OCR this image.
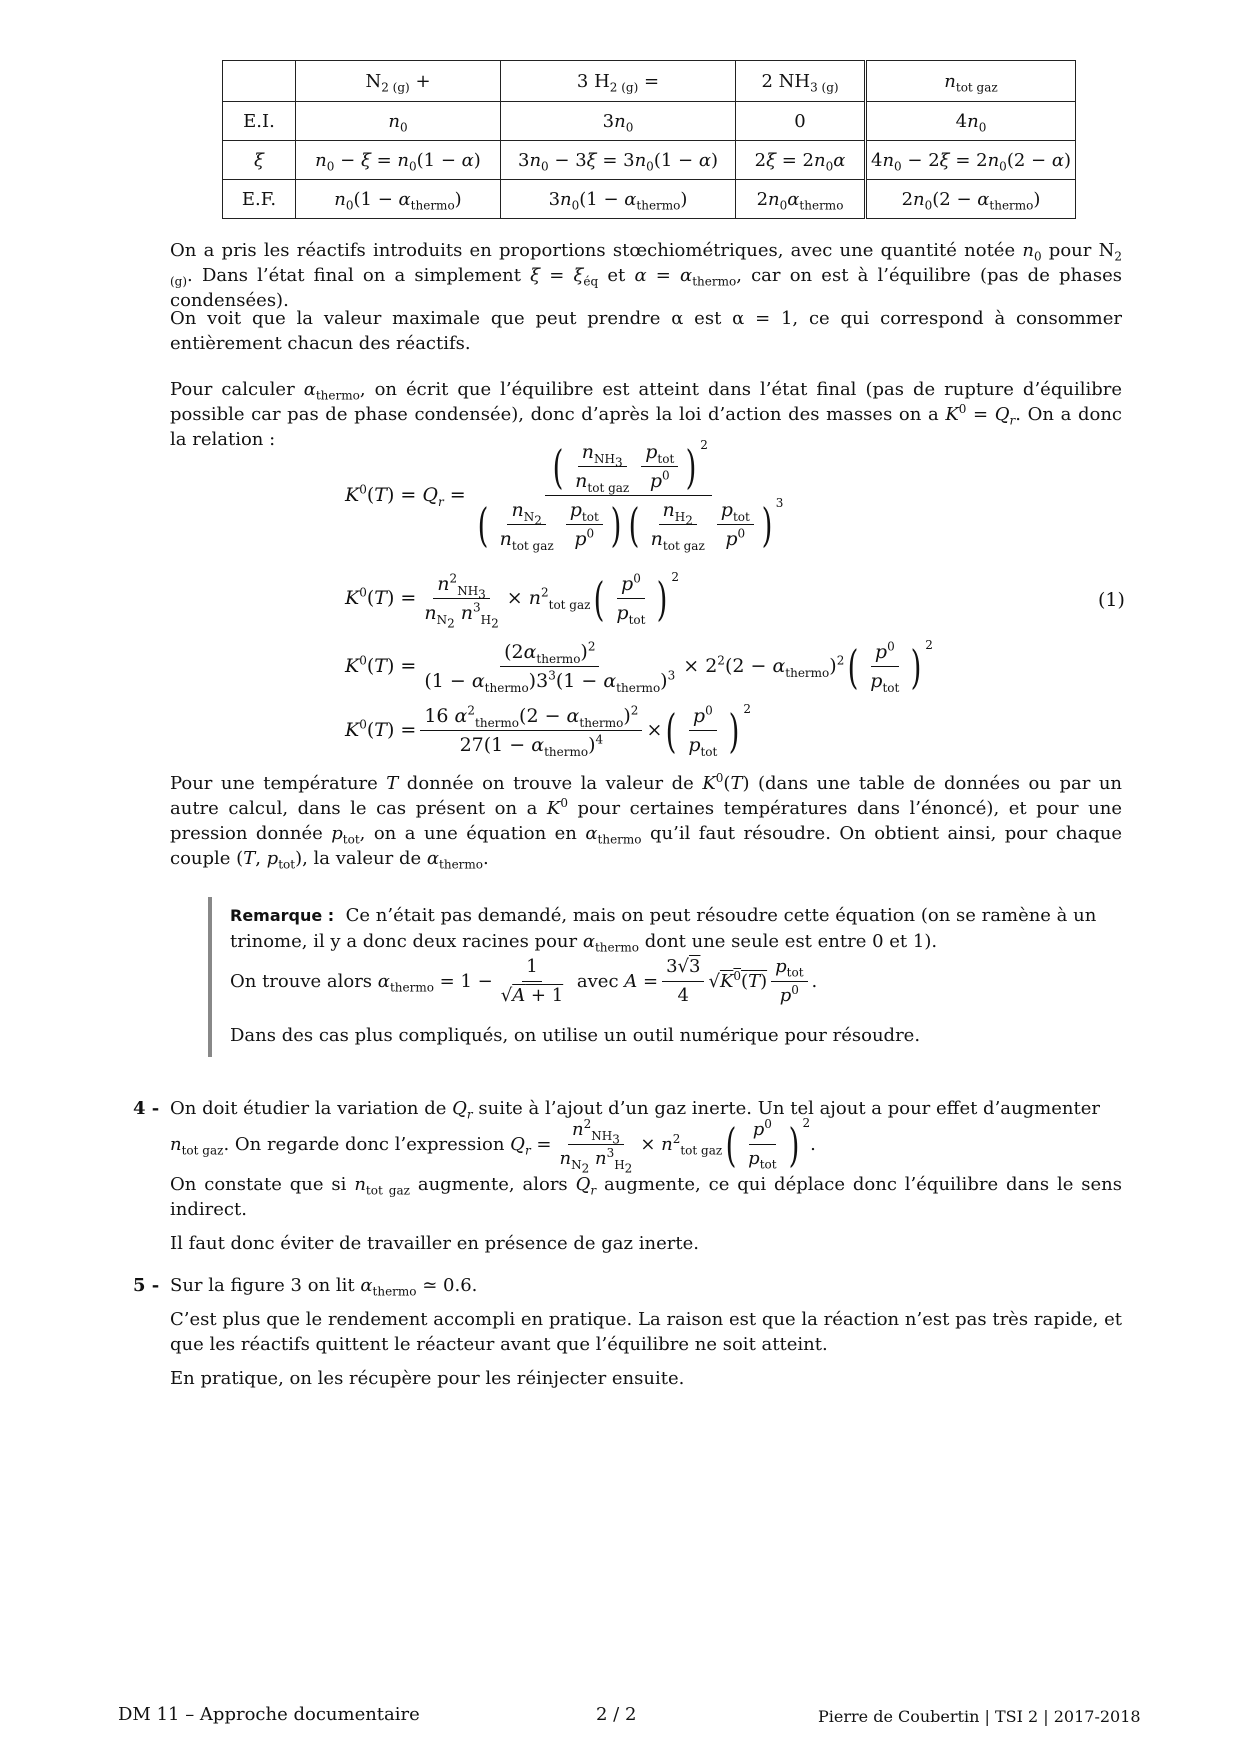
	$N_{2 (g)}$ +	3 $H_{2 (g)}$ =	2 $NH_{3 (g)}$	$n_{tot gaz}$
E.I.	$n_0$	$3n_0$	0	$4n_0$
ξ	$n_0 - \xi = n_0(1 - \alpha)$	$3n_0 - 3\xi = 3n_0(1 - \alpha)$	$2\xi = 2n_0\alpha$	$4n_0 - 2\xi = 2n_0(2 - \alpha)$
E.F.	$n_0(1 - \alpha_{thermo})$	$3n_0(1 - \alpha_{thermo})$	$2n_0\alpha_{thermo}$	$2n_0(2 - \alpha_{thermo})$
On a pris les réactifs introduits en proportions stœchiométriques, avec une quantité notée $n_0$ pour $N_{2 (g)}$. Dans l’état final on a simplement $\xi = \xi_{éq}$ et $\alpha = \alpha_{thermo}$, car on est à l’équilibre (pas de phases condensées).
On voit que la valeur maximale que peut prendre α est α = 1, ce qui correspond à consommer entièrement chacun des réactifs.
Pour calculer $\alpha_{thermo}$, on écrit que l’équilibre est atteint dans l’état final (pas de rupture d’équilibre possible car pas de phase condensée), donc d’après la loi d’action des masses on a $K^0 = Q_r$. On a donc la relation :
$K^0(T) = Q_r$ =
( $\frac{n_{NH_3}}{n_{tot gaz}} \frac{p_{tot}}{p^0}$ ) $^2$
( $\frac{n_{N_2}}{n_{tot gaz}} \frac{p_{tot}}{p^0}$ ) ( $\frac{n_{H_2}}{n_{tot gaz}} \frac{p_{tot}}{p^0}$ ) $^3$
$K^0(T) = \frac{n^2_{NH_3}}{n_{N_2} n^3_{H_2}} \times n^2_{tot gaz}$ ( $\frac{p^0}{p_{tot}}$ ) $^2$
(1)
$K^0(T) = \frac{(2\alpha_{thermo})^2}{(1 - \alpha_{thermo})3^3(1 - \alpha_{thermo})^3} \times 2^2(2 - \alpha_{thermo})^2$ ( $\frac{p^0}{p_{tot}}$ ) $^2$
$K^0(T) = \frac{16 \alpha^2_{thermo}(2 - \alpha_{thermo})^2}{27(1 - \alpha_{thermo})^4}$ × ( $\frac{p^0}{p_{tot}}$ ) $^2$
Pour une température T donnée on trouve la valeur de $K^0(T)$ (dans une table de données ou par un autre calcul, dans le cas présent on a $K^0$ pour certaines températures dans l’énoncé), et pour une pression donnée $p_{tot}$, on a une équation en $\alpha_{thermo}$ qu’il faut résoudre. On obtient ainsi, pour chaque couple (T, $p_{tot}$), la valeur de $\alpha_{thermo}$.
Remarque : Ce n’était pas demandé, mais on peut résoudre cette équation (on se ramène à un
trinome, il y a donc deux racines pour $\alpha_{thermo}$ dont une seule est entre 0 et 1).
On trouve alors $\alpha_{thermo} = 1 - \frac{1}{√A + 1}$ avec $A = \frac{3√3}{4} √K^0(T) \frac{p_{tot}}{p^0}$ .
Dans des cas plus compliqués, on utilise un outil numérique pour résoudre.
4 - On doit étudier la variation de $Q_r$ suite à l’ajout d’un gaz inerte. Un tel ajout a pour effet d’augmenter
$n_{tot gaz}$. On regarde donc l’expression $Q_r = \frac{n^2_{NH_3}}{n_{N_2} n^3_{H_2}} \times n^2_{tot gaz}$ ( $\frac{p^0}{p_{tot}}$ ) $^2$
.
On constate que si $n_{tot gaz}$ augmente, alors $Q_r$ augmente, ce qui déplace donc l’équilibre dans le sens indirect.
Il faut donc éviter de travailler en présence de gaz inerte.
5 - Sur la figure 3 on lit $\alpha_{thermo}$ ≃ 0.6.
C’est plus que le rendement accompli en pratique. La raison est que la réaction n’est pas très rapide, et que les réactifs quittent le réacteur avant que l’équilibre ne soit atteint.
En pratique, on les récupère pour les réinjecter ensuite.
DM 11 – Approche documentaire	2 / 2	Pierre de Coubertin | TSI 2 | 2017-2018
